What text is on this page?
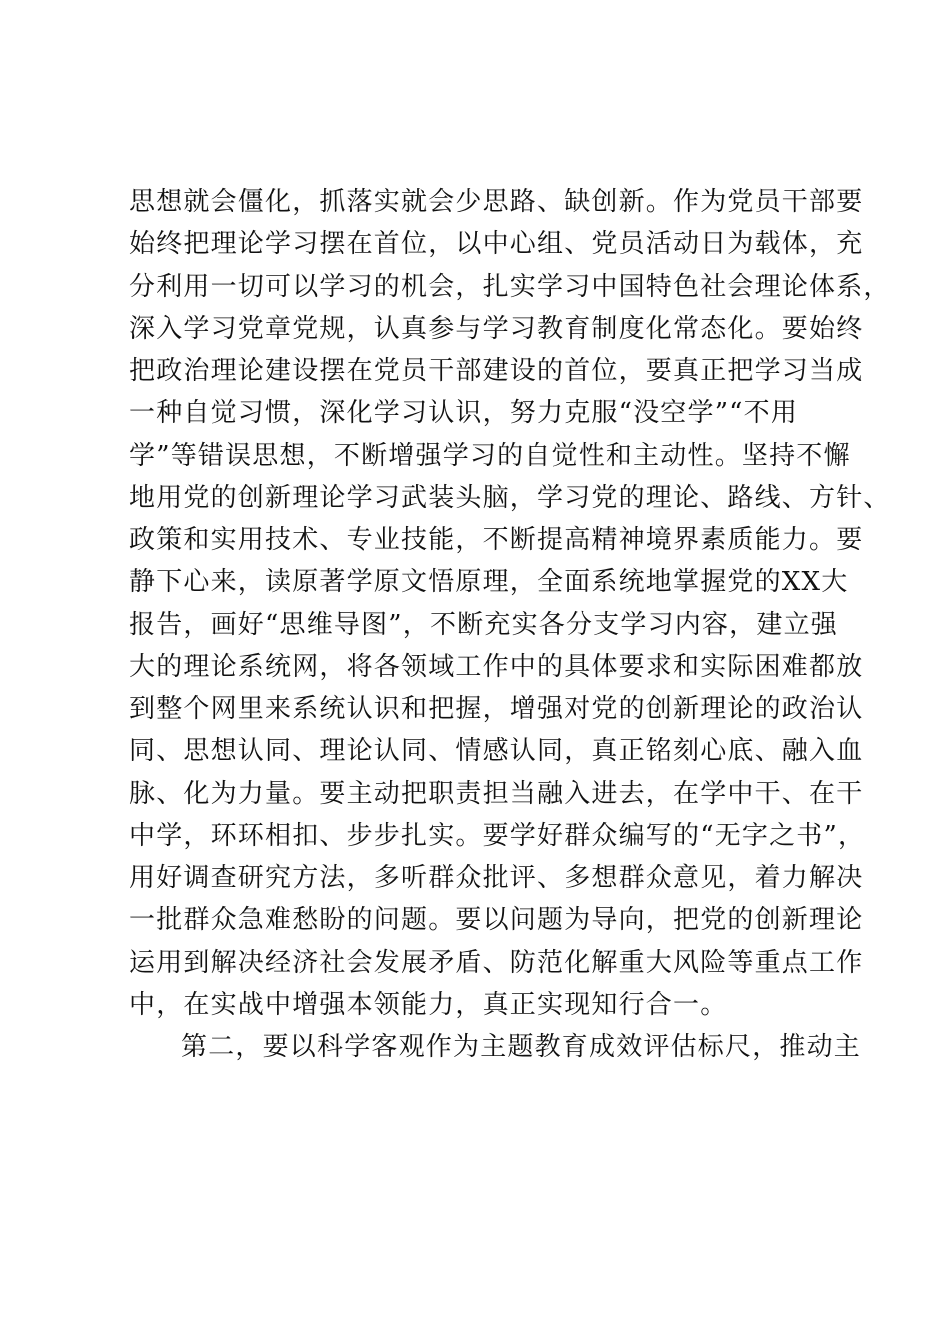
思想就会僵化，抓落实就会少思路、缺创新。作为党员干部要
始终把理论学习摆在首位，以中心组、党员活动日为载体，充
分利用一切可以学习的机会，扎实学习中国特色社会理论体系，
深入学习党章党规，认真参与学习教育制度化常态化。要始终
把政治理论建设摆在党员干部建设的首位，要真正把学习当成
一种自觉习惯，深化学习认识，努力克服“没空学”“不用
学”等错误思想，不断增强学习的自觉性和主动性。坚持不懈
地用党的创新理论学习武装头脑，学习党的理论、路线、方针、
政策和实用技术、专业技能，不断提高精神境界素质能力。要
静下心来，读原著学原文悟原理，全面系统地掌握党的XX大
报告，画好“思维导图”，不断充实各分支学习内容，建立强
大的理论系统网，将各领域工作中的具体要求和实际困难都放
到整个网里来系统认识和把握，增强对党的创新理论的政治认
同、思想认同、理论认同、情感认同，真正铭刻心底、融入血
脉、化为力量。要主动把职责担当融入进去，在学中干、在干
中学，环环相扣、步步扎实。要学好群众编写的“无字之书”，
用好调查研究方法，多听群众批评、多想群众意见，着力解决
一批群众急难愁盼的问题。要以问题为导向，把党的创新理论
运用到解决经济社会发展矛盾、防范化解重大风险等重点工作
中，在实战中增强本领能力，真正实现知行合一。
第二，要以科学客观作为主题教育成效评估标尺，推动主
